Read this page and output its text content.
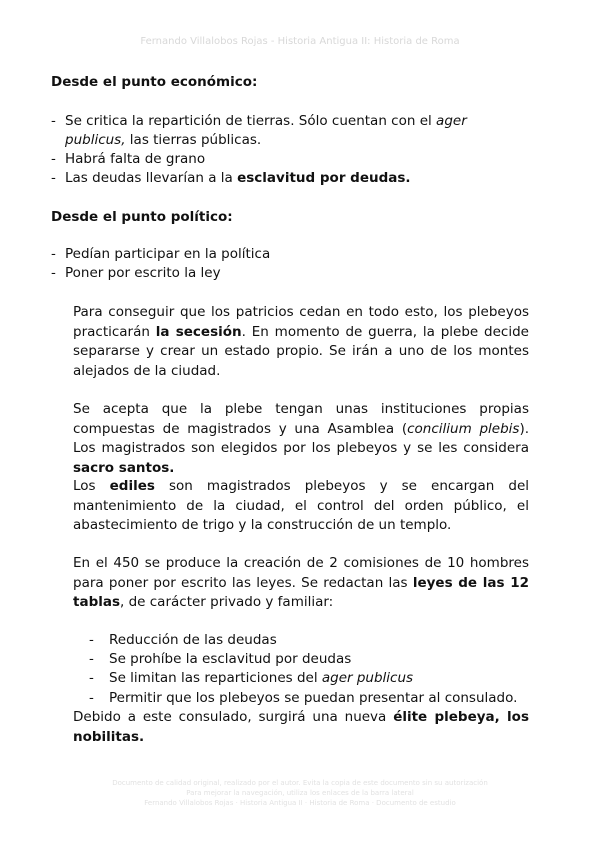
Fernando Villalobos Rojas - Historia Antigua II: Historia de Roma
Desde el punto económico:
- Se critica la repartición de tierras. Sólo cuentan con el ager publicus, las tierras públicas.
- Habrá falta de grano
- Las deudas llevarían a la esclavitud por deudas.
Desde el punto político:
- Pedían participar en la política
- Poner por escrito la ley

Para conseguir que los patricios cedan en todo esto, los plebeyos practicarán la secesión. En momento de guerra, la plebe decide separarse y crear un estado propio. Se irán a uno de los montes alejados de la ciudad.

Se acepta que la plebe tengan unas instituciones propias compuestas de magistrados y una Asamblea (concilium plebis). Los magistrados son elegidos por los plebeyos y se les considera sacro santos.

Los ediles son magistrados plebeyos y se encargan del mantenimiento de la ciudad, el control del orden público, el abastecimiento de trigo y la construcción de un templo.

En el 450 se produce la creación de 2 comisiones de 10 hombres para poner por escrito las leyes. Se redactan las leyes de las 12 tablas, de carácter privado y familiar:

- Reducción de las deudas
- Se prohíbe la esclavitud por deudas
- Se limitan las reparticiones del ager publicus
- Permitir que los plebeyos se puedan presentar al consulado.

Debido a este consulado, surgirá una nueva élite plebeya, los nobilitas.

Documento de calidad original, realizado por el autor. Evita la copia de este documento sin su autorización
Para mejorar la navegación, utiliza los enlaces de la barra lateral
Fernando Villalobos Rojas · Historia Antigua II · Historia de Roma · Documento de estudio
